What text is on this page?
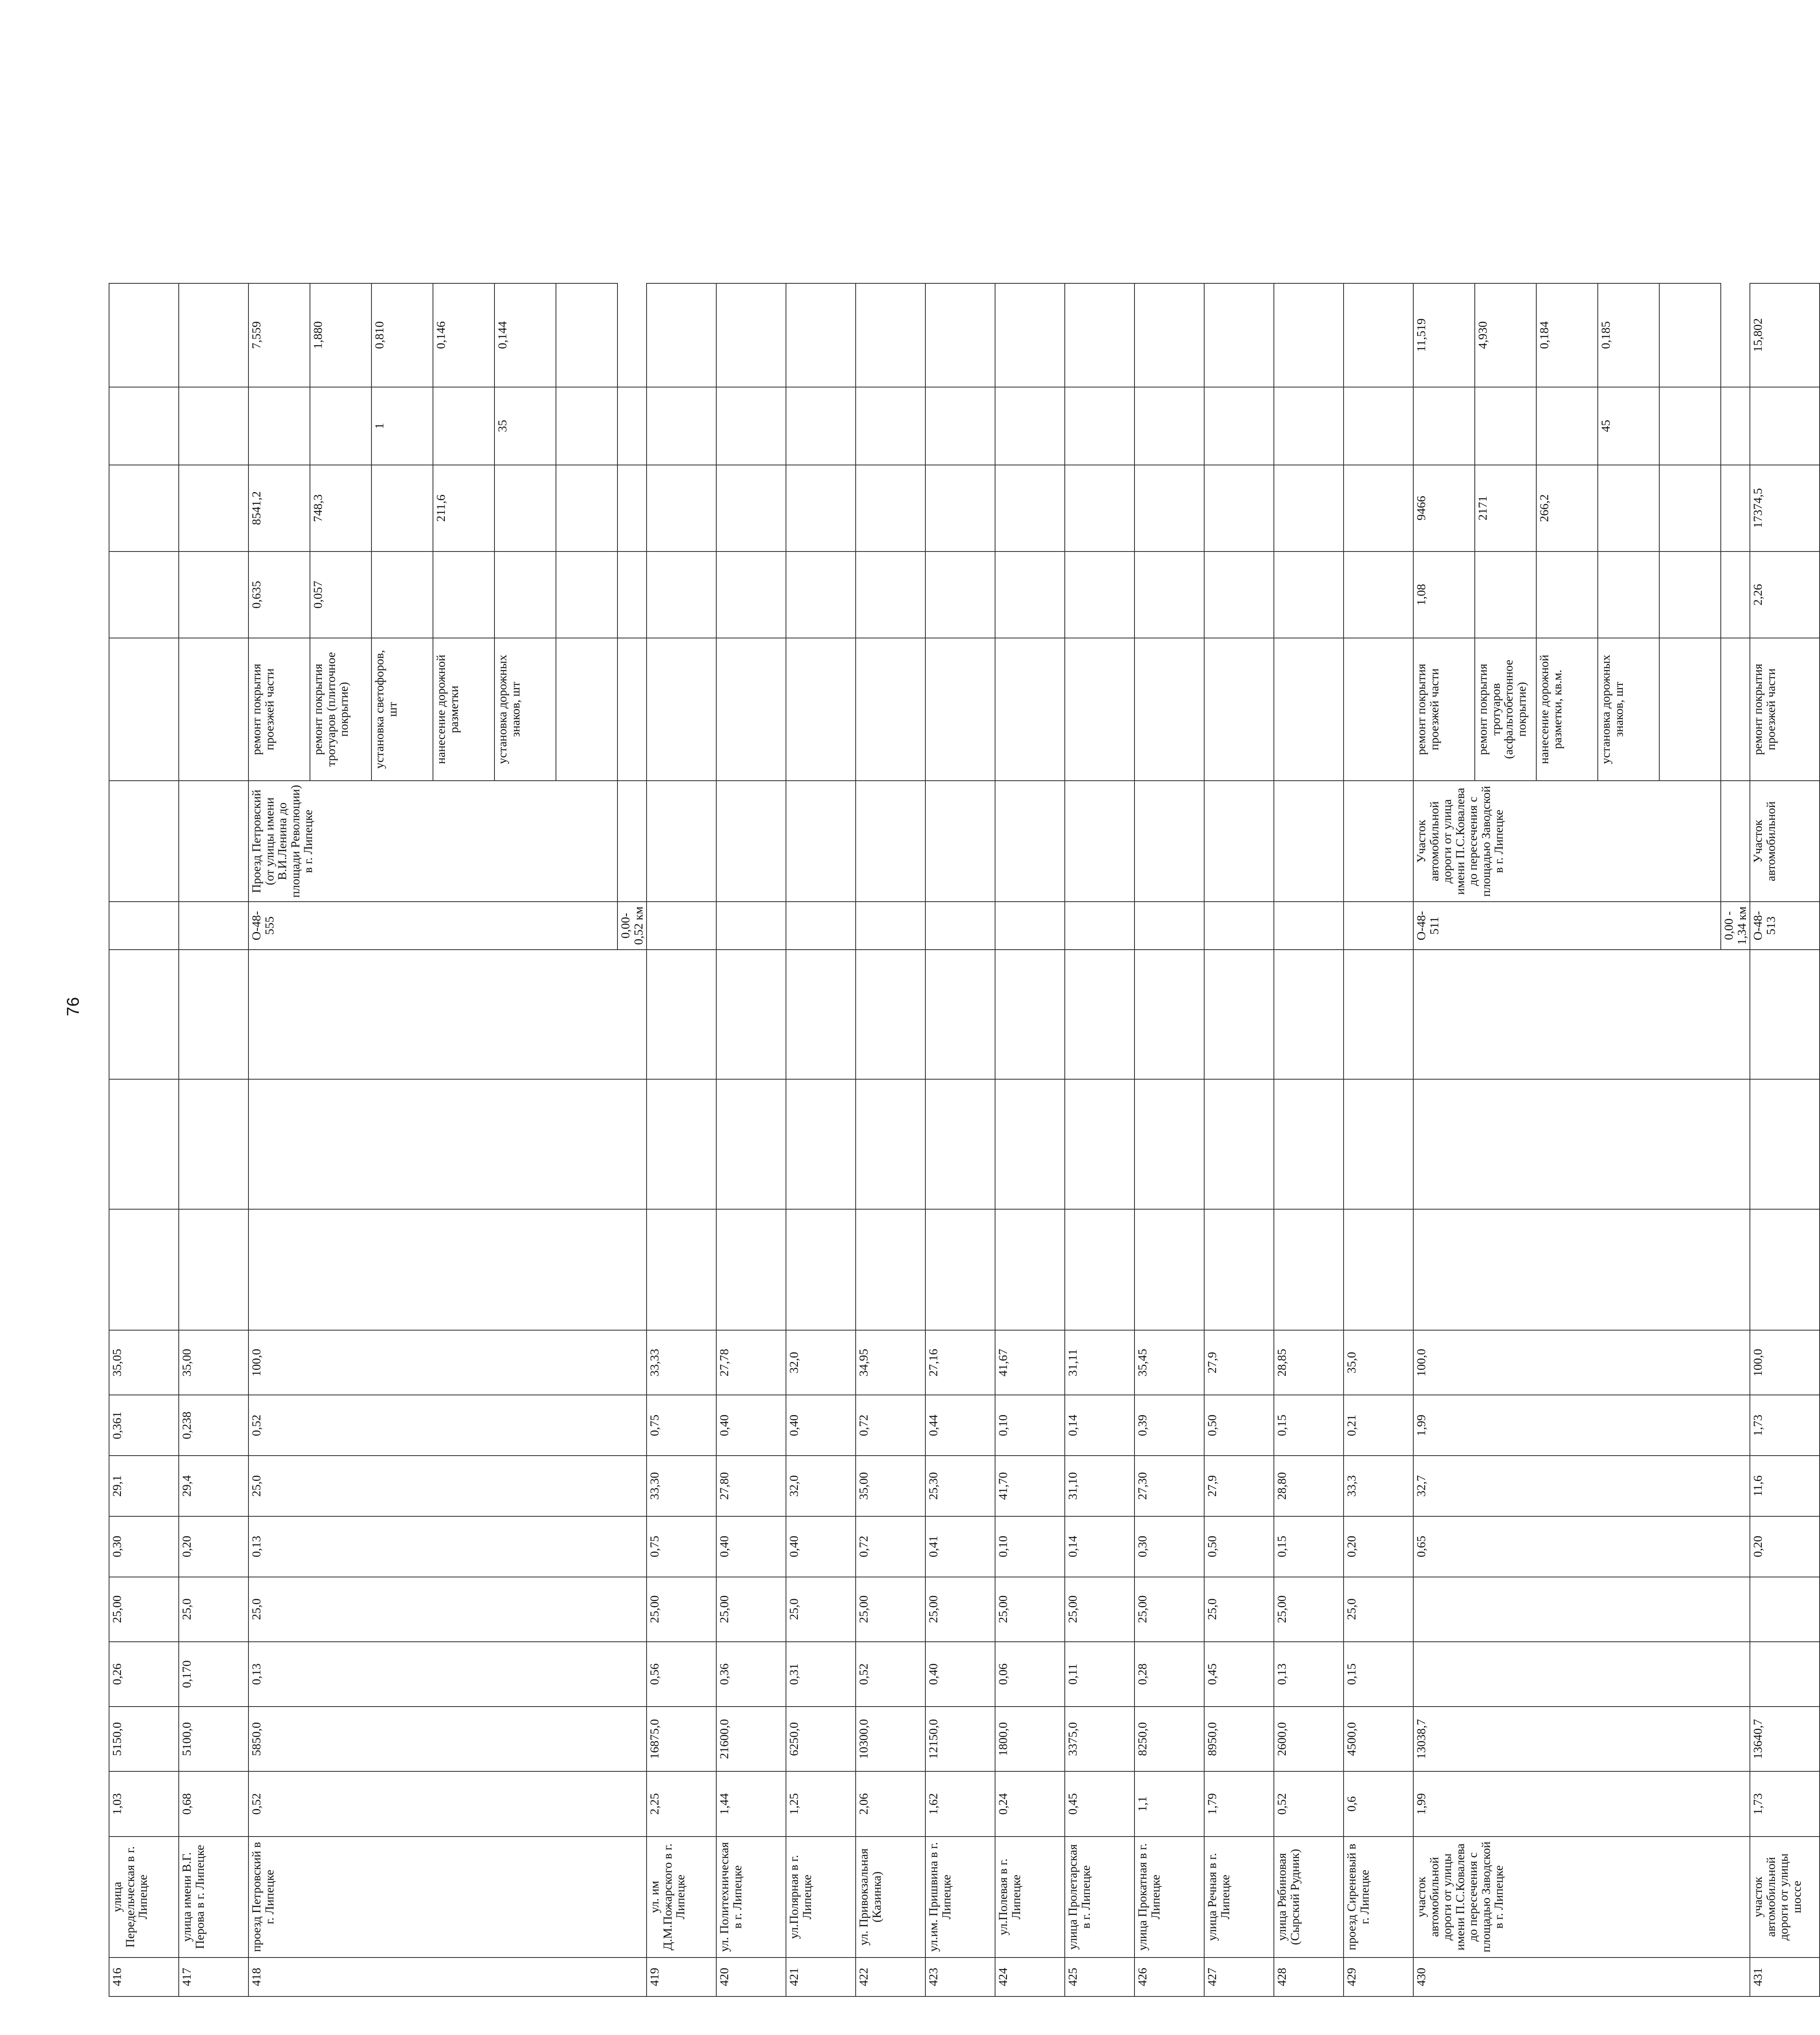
76
416	улица Передельческая в г. Липецке	1,03	5150,0	0,26	25,00	0,30	29,1	0,361	35,05										
417	улица имени В.Г. Перова в г. Липецке	0,68	5100,0	0,170	25,0	0,20	29,4	0,238	35,00										
418	проезд Петровский в г. Липецке	0,52	5850,0	0,13	25,0	0,13	25,0	0,52	100,0				О-48-555	Проезд Петровский (от улицы имени В.И.Ленина до площади Революции) в г. Липецке	ремонт покрытия проезжей части	0,635	8541,2		7,559
															ремонт покрытия тротуаров (плиточное покрытие)	0,057	748,3		1,880
															установка светофоров, шт			1	0,810
															нанесение дорожной разметки		211,6		0,146
															установка дорожных знаков, шт			35	0,144

													0,00-0,52 км						
419	ул. им Д.М.Пожарского в г. Липецке	2,25	16875,0	0,56	25,00	0,75	33,30	0,75	33,33										
420	ул. Политехническая в г. Липецке	1,44	21600,0	0,36	25,00	0,40	27,80	0,40	27,78										
421	ул.Полярная в г. Липецке	1,25	6250,0	0,31	25,0	0,40	32,0	0,40	32,0										
422	ул. Привокзальная (Казинка)	2,06	10300,0	0,52	25,00	0,72	35,00	0,72	34,95										
423	ул.им. Пришвина в г. Липецке	1,62	12150,0	0,40	25,00	0,41	25,30	0,44	27,16										
424	ул.Полевая в г. Липецке	0,24	1800,0	0,06	25,00	0,10	41,70	0,10	41,67										
425	улица Пролетарская в г. Липецке	0,45	3375,0	0,11	25,00	0,14	31,10	0,14	31,11										
426	улица Прокатная в г. Липецке	1,1	8250,0	0,28	25,00	0,30	27,30	0,39	35,45										
427	улица Речная в г. Липецке	1,79	8950,0	0,45	25,0	0,50	27,9	0,50	27,9										
428	улица Рябиновая (Сырский Рудник)	0,52	2600,0	0,13	25,00	0,15	28,80	0,15	28,85										
429	проезд Сиреневый в г. Липецке	0,6	4500,0	0,15	25,0	0,20	33,3	0,21	35,0										
430	участок автомобильной дороги от улицы имени П.С.Ковалева до пересечения с площадью Заводской в г. Липецке	1,99	13038,7			0,65	32,7	1,99	100,0				О-48-511	Участок автомобильной дороги от улица имени П.С.Ковалева до пересечения с площадью Заводской в г. Липецке	ремонт покрытия проезжей части	1,08	9466		11,519
															ремонт покрытия тротуаров (асфальтобетонное покрытие)		2171		4,930
															нанесение дорожной разметки, кв.м.		266,2		0,184
															установка дорожных знаков, шт			45	0,185

													0,00 - 1,34 км						
431	участок автомобильной дороги от улицы шоссе	1,73	13640,7			0,20	11,6	1,73	100,0				О-48-513	Участок автомобильной	ремонт покрытия проезжей части	2,26	17374,5		15,802
